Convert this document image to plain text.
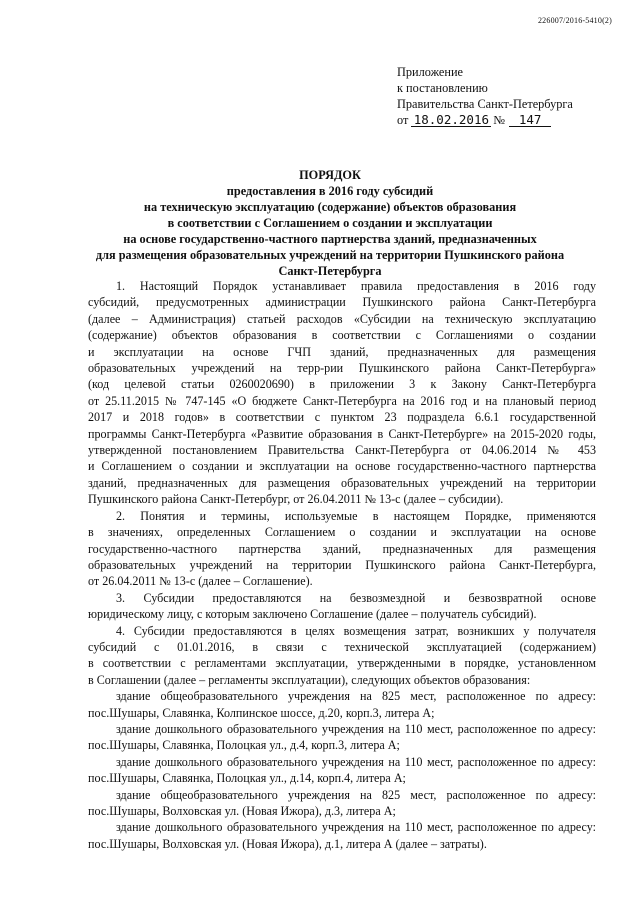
226007/2016-5410(2)
Приложение
к постановлению
Правительства Санкт-Петербурга
от 18.02.2016 № 147
ПОРЯДОК
предоставления в 2016 году субсидий
на техническую эксплуатацию (содержание) объектов образования
в соответствии с Соглашением о создании и эксплуатации
на основе государственно-частного партнерства зданий, предназначенных
для размещения образовательных учреждений на территории Пушкинского района
Санкт-Петербурга

1. Настоящий Порядок устанавливает правила предоставления в 2016 году
субсидий, предусмотренных администрации Пушкинского района Санкт-Петербурга
(далее – Администрация) статьей расходов «Субсидии на техническую эксплуатацию
(содержание) объектов образования в соответствии с Соглашениями о создании
и эксплуатации на основе ГЧП зданий, предназначенных для размещения
образовательных учреждений на терр-рии Пушкинского района Санкт-Петербурга»
(код целевой статьи 0260020690) в приложении 3 к Закону Санкт-Петербурга
от 25.11.2015 № 747-145 «О бюджете Санкт-Петербурга на 2016 год и на плановый период
2017 и 2018 годов» в соответствии с пунктом 23 подраздела 6.6.1 государственной
программы Санкт-Петербурга «Развитие образования в Санкт-Петербурге» на 2015-2020 годы,
утвержденной постановлением Правительства Санкт-Петербурга от 04.06.2014 № 453
и Соглашением о создании и эксплуатации на основе государственно-частного партнерства
зданий, предназначенных для размещения образовательных учреждений на территории
Пушкинского района Санкт-Петербург, от 26.04.2011 № 13-с (далее – субсидии).

2. Понятия и термины, используемые в настоящем Порядке, применяются
в значениях, определенных Соглашением о создании и эксплуатации на основе
государственно-частного партнерства зданий, предназначенных для размещения
образовательных учреждений на территории Пушкинского района Санкт-Петербурга,
от 26.04.2011 № 13-с (далее – Соглашение).

3. Субсидии предоставляются на безвозмездной и безвозвратной основе
юридическому лицу, с которым заключено Соглашение (далее – получатель субсидий).

4. Субсидии предоставляются в целях возмещения затрат, возникших у получателя
субсидий с 01.01.2016, в связи с технической эксплуатацией (содержанием)
в соответствии с регламентами эксплуатации, утвержденными в порядке, установленном
в Соглашении (далее – регламенты эксплуатации), следующих объектов образования:

здание общеобразовательного учреждения на 825 мест, расположенное по адресу:
пос.Шушары, Славянка, Колпинское шоссе, д.20, корп.3, литера А;

здание дошкольного образовательного учреждения на 110 мест, расположенное по адресу:
пос.Шушары, Славянка, Полоцкая ул., д.4, корп.3, литера А;

здание дошкольного образовательного учреждения на 110 мест, расположенное по адресу:
пос.Шушары, Славянка, Полоцкая ул., д.14, корп.4, литера А;

здание общеобразовательного учреждения на 825 мест, расположенное по адресу:
пос.Шушары, Волховская ул. (Новая Ижора), д.3, литера А;

здание дошкольного образовательного учреждения на 110 мест, расположенное по адресу:
пос.Шушары, Волховская ул. (Новая Ижора), д.1, литера А (далее – затраты).
